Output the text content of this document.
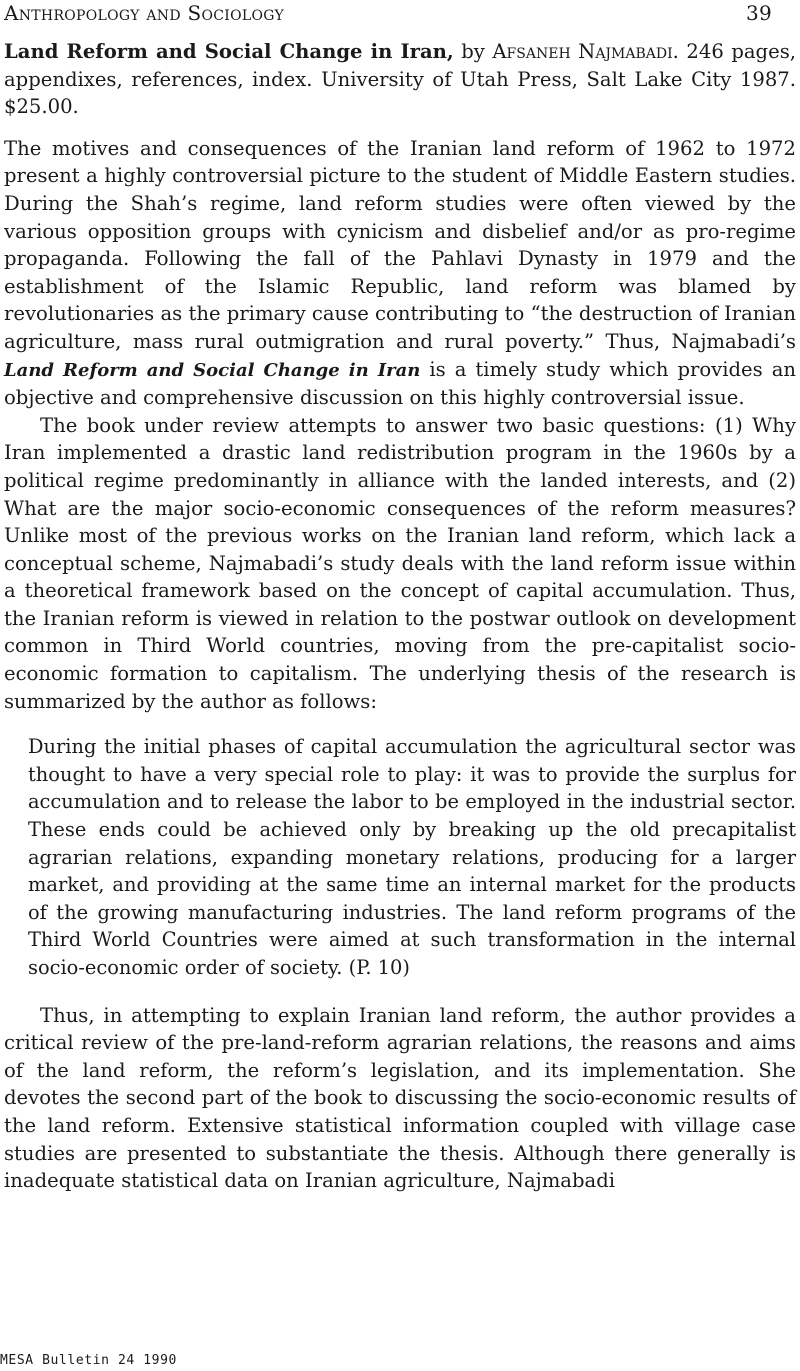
Anthropology and Sociology	39
Land Reform and Social Change in Iran, by Afsaneh Najmabadi. 246 pages, appendixes, references, index. University of Utah Press, Salt Lake City 1987. $25.00.

The motives and consequences of the Iranian land reform of 1962 to 1972 present a highly controversial picture to the student of Middle Eastern studies. During the Shah’s regime, land reform studies were often viewed by the various opposition groups with cynicism and disbelief and/or as pro-regime propaganda. Following the fall of the Pahlavi Dynasty in 1979 and the establishment of the Islamic Republic, land reform was blamed by revolutionaries as the primary cause contributing to “the destruction of Iranian agriculture, mass rural outmigration and rural poverty.” Thus, Najmabadi’s Land Reform and Social Change in Iran is a timely study which provides an objective and comprehensive discussion on this highly controversial issue.

The book under review attempts to answer two basic questions: (1) Why Iran implemented a drastic land redistribution program in the 1960s by a political regime predominantly in alliance with the landed interests, and (2) What are the major socio-economic consequences of the reform measures? Unlike most of the previous works on the Iranian land reform, which lack a conceptual scheme, Najmabadi’s study deals with the land reform issue within a theoretical framework based on the concept of capital accumulation. Thus, the Iranian reform is viewed in relation to the postwar outlook on development common in Third World countries, moving from the pre-capitalist socio-economic formation to capitalism. The underlying thesis of the research is summarized by the author as follows:

During the initial phases of capital accumulation the agricultural sector was thought to have a very special role to play: it was to provide the surplus for accumulation and to release the labor to be employed in the industrial sector. These ends could be achieved only by breaking up the old precapitalist agrarian relations, expanding monetary relations, producing for a larger market, and providing at the same time an internal market for the products of the growing manufacturing industries. The land reform programs of the Third World Countries were aimed at such transformation in the internal socio-economic order of society. (P. 10)

Thus, in attempting to explain Iranian land reform, the author provides a critical review of the pre-land-reform agrarian relations, the reasons and aims of the land reform, the reform’s legislation, and its implementation. She devotes the second part of the book to discussing the socio-economic results of the land reform. Extensive statistical information coupled with village case studies are presented to substantiate the thesis. Although there generally is inadequate statistical data on Iranian agriculture, Najmabadi

MESA Bulletin 24 1990
